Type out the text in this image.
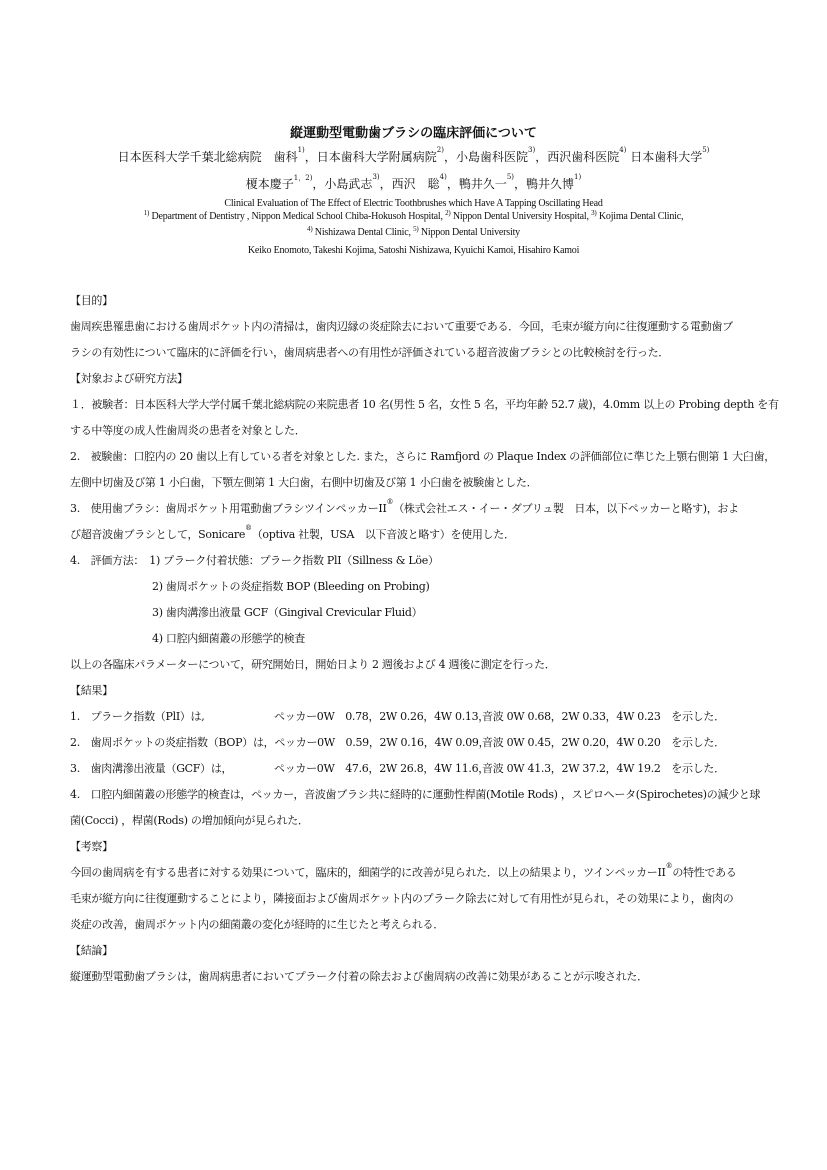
縦運動型電動歯ブラシの臨床評価について
日本医科大学千葉北総病院　歯科$^{1)}$，日本歯科大学附属病院$^{2)}$，小島歯科医院$^{3)}$，西沢歯科医院$^{4)}$ 日本歯科大学$^{5)}$
榎本慶子$^{1,2)}$，小島武志$^{3)}$，西沢　聡$^{4)}$，鴨井久一$^{5)}$，鴨井久博$^{1)}$
Clinical Evaluation of The Effect of Electric Toothbrushes which Have A Tapping Oscillating Head
$^{1)}$ Department of Dentistry , Nippon Medical School Chiba-Hokusoh Hospital, $^{2)}$ Nippon Dental University Hospital, $^{3)}$ Kojima Dental Clinic,
$^{4)}$ Nishizawa Dental Clinic, $^{5)}$ Nippon Dental University
Keiko Enomoto, Takeshi Kojima, Satoshi Nishizawa, Kyuichi Kamoi, Hisahiro Kamoi
【目的】
歯周疾患罹患歯における歯周ポケット内の清掃は，歯肉辺縁の炎症除去において重要である．今回，毛束が縦方向に往復運動する電動歯ブ
ラシの有効性について臨床的に評価を行い，歯周病患者への有用性が評価されている超音波歯ブラシとの比較検討を行った．
【対象および研究方法】
１．被験者：日本医科大学大学付属千葉北総病院の来院患者 10 名(男性 5 名，女性 5 名，平均年齢 52.7 歳)，4.0mm 以上の Probing depth を有
する中等度の成人性歯周炎の患者を対象とした．
2.　被験歯：口腔内の 20 歯以上有している者を対象とした. また，さらに Ramfjord の Plaque Index の評価部位に準じた上顎右側第 1 大臼歯，
左側中切歯及び第 1 小臼歯，下顎左側第 1 大臼歯，右側中切歯及び第 1 小臼歯を被験歯とした．
3.　使用歯ブラシ：歯周ポケット用電動歯ブラシツインペッカーII®（株式会社エス・イー・ダブリュ製　日本，以下ペッカーと略す)，およ
び超音波歯ブラシとして，Sonicare®（optiva 社製，USA　以下音波と略す）を使用した．
4.　評価方法：　1) プラーク付着状態：プラーク指数 PlI（Sillness & Löe）
2) 歯周ポケットの炎症指数 BOP (Bleeding on Probing)
3) 歯肉溝滲出液量 GCF（Gingival Crevicular Fluid）
4) 口腔内細菌叢の形態学的検査
以上の各臨床パラメーターについて，研究開始日，開始日より 2 週後および 4 週後に測定を行った．
【結果】
1.　プラーク指数（PlI）は,	ペッカー0W　0.78，2W 0.26，4W 0.13，
音波 0W 0.68，2W 0.33，4W 0.23　を示した．
2.　歯周ポケットの炎症指数（BOP）は，ペッカー0W　0.59，2W 0.16，4W 0.09，
音波 0W 0.45，2W 0.20，4W 0.20　を示した．
3.　歯肉溝滲出液量（GCF）は，	ペッカー0W　47.6，2W 26.8，4W 11.6，
音波 0W 41.3，2W 37.2，4W 19.2　を示した．
4.　口腔内細菌叢の形態学的検査は，ペッカー，音波歯ブラシ共に経時的に運動性桿菌(Motile Rods) ，スピロヘータ(Spirochetes)の減少と球
菌(Cocci) ，桿菌(Rods) の増加傾向が見られた．
【考察】
今回の歯周病を有する患者に対する効果について，臨床的，細菌学的に改善が見られた．以上の結果より，ツインペッカーII®の特性である
毛束が縦方向に往復運動することにより，隣接面および歯周ポケット内のプラーク除去に対して有用性が見られ，その効果により，歯肉の
炎症の改善，歯周ポケット内の細菌叢の変化が経時的に生じたと考えられる．
【結論】
縦運動型電動歯ブラシは，歯周病患者においてプラーク付着の除去および歯周病の改善に効果があることが示唆された．
